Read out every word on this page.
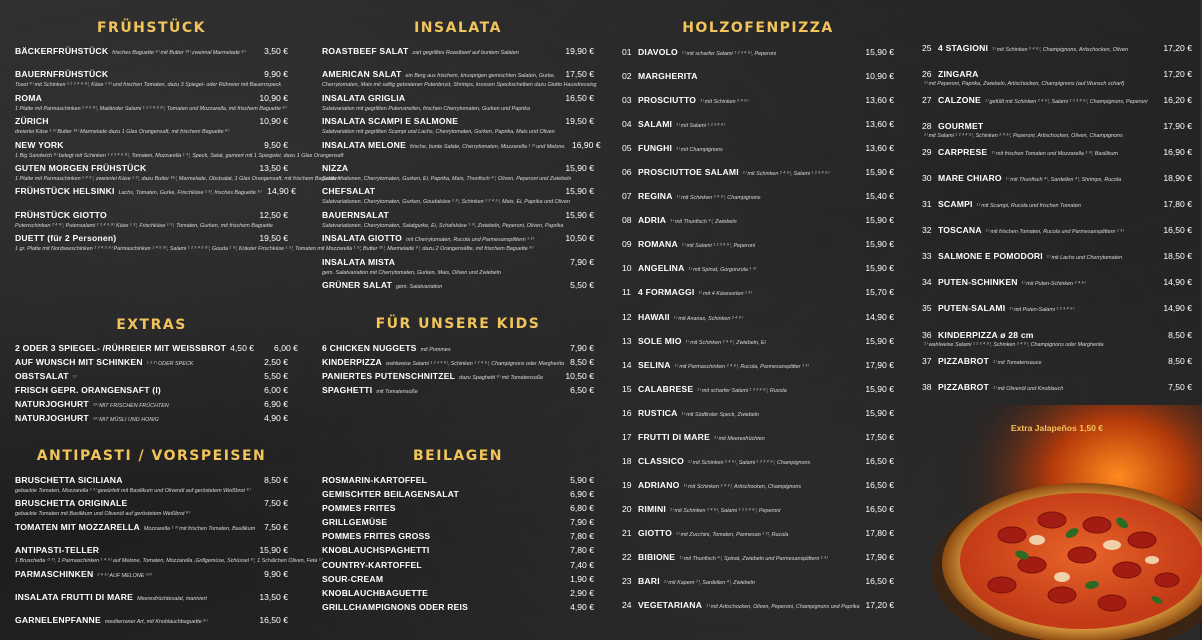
FRÜHSTÜCK
BÄCKERFRÜHSTÜCK frisches Baguette ⁸⁾ mit Butter ¹⁶⁾ zweimal Marmelade ⁸⁾	3,50 €
BAUERNFRÜHSTÜCK	9,90 €
Toast ⁸⁾ mit Schinken ¹ ² ³ ⁴ ⁵ ⁸⁾, Käse ¹ ³⁾ und frischen Tomaten, dazu 3 Spiegel- oder Rühreier mit Bauernspeck
ROMA	10,90 €
1 Platte mit Parmaschinken ¹ ⁴ ⁵ ⁸⁾, Mailänder Salami ¹ ² ³ ⁴ ⁵ ⁸⁾, Tomaten und Mozzarella, mit frischem Baguette ⁸⁾
ZÜRICH	10,90 €
dreierlei Käse ¹ ³⁾ Butter ¹⁶⁾ Marmelade dazu 1 Glas Orangensaft, mit frischem Baguette ⁸⁾
NEW YORK	9,50 €
1 Big Sandwich ⁸⁾ belegt mit Schinken ¹ ² ³ ⁴ ⁵ ⁸⁾, Tomaten, Mozzarella ¹ ³⁾, Speck, Salat, garniert mit 1 Spiegelei, dazu 1 Glas Orangensaft
GUTEN MORGEN FRÜHSTÜCK	13,50 €
1 Platte mit Parmaschinken ¹ ⁴ ⁵⁾, zweierlei Käse ¹ ³⁾, dazu Butter ¹⁶⁾, Marmelade, Obstsalat, 1 Glas Orangensaft, mit frischem Baguette ⁸⁾
FRÜHSTÜCK HELSINKI Lachs, Tomaten, Gurke, Frischkäse ¹ ³⁾, frisches Baguette ⁸⁾ 14,90 €
FRÜHSTÜCK GIOTTO	12,50 €
Putenschinken ² ⁴ ⁸⁾, Putensalami ¹ ² ⁴ ⁵ ⁸⁾ Käse ¹ ³⁾, Frischkäse ¹ ³⁾, Tomaten, Gurken, mit frischem Baguette
DUETT (für 2 Personen)	19,50 €
1 gr. Platte mit Nordseeschinken ¹ ² ⁴ ⁵ ⁸⁾ Parmaschinken ¹ ⁴ ⁵ ⁸⁾, Salami ¹ ² ³ ⁴ ⁵ ⁸⁾, Gouda ¹ ³⁾, Kräuter Frischkäse ¹ ³⁾, Tomaten mit Mozzarella ¹ ³⁾, Butter ¹⁶⁾, Marmelade ⁸⁾, dazu 2 Orangensäfte, mit frischem Baguette ⁸⁾
EXTRAS
2 ODER 3 SPIEGEL- /RÜHREIER MIT WEISSBROT 4,50 € 6,00 €
AUF WUNSCH MIT SCHINKEN ¹ ² ³⁾ ODER SPECK	2,50 €
OBSTSALAT ¹⁾	5,50 €
FRISCH GEPR. ORANGENSAFT (l)	6,00 €
NATURJOGHURT ¹³⁾ MIT FRISCHEN FRÜCHTEN	6,90 €
NATURJOGHURT ¹³⁾ MIT MÜSLI UND HONIG	4,90 €
ANTIPASTI / VORSPEISEN
BRUSCHETTA SICILIANA	8,50 €
gebackte Tomaten, Mozzarella ¹ ³⁾ gewürfelt mit Basilikum und Olivenöl auf geröstetem Weißbrot ⁸⁾
BRUSCHETTA ORIGINALE	7,50 €
gebackte Tomaten mit Basilikum und Olivenöl auf geröstetem Weißbrot ⁸⁾
TOMATEN MIT MOZZARELLA Mozzarella ¹ ³⁾ mit frischen Tomaten, Basilikum	7,50 €
ANTIPASTI-TELLER	15,90 €
1 Bruschetta ⁽¹ ³⁾, 1 Parmaschinken ¹ ⁴ ⁵⁾ auf Melone, Tomaten, Mozzarella ,Grillgemüse, Schüssel ⁸⁾, 1 Schälchen Oliven, Feta ¹⁾
PARMASCHINKEN ² ⁴ ⁵⁾ AUF MELONE ¹⁰⁾	9,90 €
INSALATA FRUTTI DI MARE Meeresfrüchtesalat, mariniert	13,50 €
GARNELENPFANNE mediterraner Art, mit Knoblauchbaguette ⁸⁾	16,50 €
INSALATA
ROASTBEEF SALAT zart gegrilltes Roastbeef auf buntem Salaten	19,90 €
AMERICAN SALAT ein Berg aus frischem, knusprigen gemischten Salaten, Gurke,	17,50 €
Cherrytomaten, Mais mit saftig gebratener Putenbrust, Shrimps, krossen Speckscheiben dazu Giotto Hausdressing
INSALATA GRIGLIA	16,50 €
Salatvariation mit gegrillten Putenstreifen, frischen Cherrytomaten, Gurken und Paprika
INSALATA SCAMPI E SALMONE	19,50 €
Salatvariation mit gegrillten Scampi und Lachs, Cherrytomaten, Gurken, Paprika, Mais und Oliven
INSALATA MELONE frische, bunte Salate, Cherrytomaten, Mozzarella ¹ ³⁾ und Melone. 16,90 €
NIZZA	15,90 €
Salatvariationen, Cherrytomaten, Gurken, Ei, Paprika, Mais, Thunfisch ⁴⁾, Oliven, Peperoni und Zwiebeln
CHEFSALAT	15,90 €
Salatvariationen, Cherrytomaten, Gurken, Goudakäse ¹ ³⁾, Schinken ¹ ² ⁴ ⁵⁾, Mais, Ei, Paprika und Oliven
BAUERNSALAT	15,90 €
Salatvariationen, Cherrytomaten, Salatgurke, Ei, Schafskäse ¹ ³⁾, Zwiebeln, Peperoni, Oliven, Paprika
INSALATA GIOTTO mit Cherrytomaten, Rucola und Parmesansplittern ¹ ³⁾	10,50 €
INSALATA MISTA	7,90 €
gem. Salatvariation mit Cherrytomaten, Gurken, Mais, Oliven und Zwiebeln
GRÜNER SALAT gem. Salatvariation	5,50 €
FÜR UNSERE KIDS
6 CHICKEN NUGGETS mit Pommes	7,90 €
KINDERPIZZA wahlweise Salami ¹ ² ³ ⁴ ⁵⁾, Schinken ¹ ² ⁴ ⁵⁾, Champignons oder Margherita 8,50 €
PANIERTES PUTENSCHNITZEL dazu Spaghetti ⁸⁾ mit Tomatensoße	10,50 €
SPAGHETTI mit Tomatensoße	6,50 €
BEILAGEN
ROSMARIN-KARTOFFEL	5,90 €
GEMISCHTER BEILAGENSALAT	6,90 €
POMMES FRITES	6,80 €
GRILLGEMÜSE	7,90 €
POMMES FRITES GROSS	7,80 €
KNOBLAUCHSPAGHETTI	7,80 €
COUNTRY-KARTOFFEL	7,40 €
SOUR-CREAM	1,90 €
KNOBLAUCHBAGUETTE	2,90 €
GRILLCHAMPIGNONS ODER REIS	4,90 €
HOLZOFENPIZZA
01 DIAVOLO ¹⁾ mit scharfer Salami ¹ ² ³ ⁴ ⁵⁾, Peperoni	15,90 €
02 MARGHERITA	10,90 €
03 PROSCIUTTO ¹⁾ mit Schinken ² ⁴ ⁵⁾	13,60 €
04 SALAMI ¹⁾ mit Salami ¹ ² ³ ⁴ ⁵⁾	13,60 €
05 FUNGHI ¹⁾ mit Champignons	13,60 €
06 PROSCIUTTOE SALAMI ¹⁾ mit Schinken ² ⁴ ⁵⁾, Salami ¹ ² ³ ⁴ ⁵⁾	15,90 €
07 REGINA ¹⁾ mit Schinken ² ⁴ ⁵⁾, Champignons	15,40 €
08 ADRIA ¹⁾ mit Thunfisch ⁴⁾, Zwiebeln	15,90 €
09 ROMANA ¹⁾ mit Salami ¹ ² ³ ⁴ ⁵⁾, Peperoni	15,90 €
10 ANGELINA ¹⁾ mit Spinat, Gorgonzola ¹ ³⁾	15,90 €
11 4 FORMAGGI ¹⁾ mit 4 Käsesorten ¹ ³⁾	15,70 €
12 HAWAII ¹⁾ mit Ananas, Schinken ² ⁴ ⁵⁾	14,90 €
13 SOLE MIO ¹⁾ mit Schinken ² ⁴ ⁵⁾, Zwiebeln, Ei	15,90 €
14 SELINA ¹⁾ mit Parmaschinken ² ⁴ ⁵⁾, Rucola, Parmesansplitter ¹ ³⁾	17,90 €
15 CALABRESE ¹⁾ mit scharfer Salami ¹ ² ³ ⁴ ⁵⁾, Rucola	15,90 €
16 RUSTICA ¹⁾ mit Südtiroler Speck, Zwiebeln	15,90 €
17 FRUTTI DI MARE ¹⁾ mit Meeresfrüchten	17,50 €
18 CLASSICO ¹⁾ mit Schinken ² ⁴ ⁵⁾, Salami ¹ ² ³ ⁴ ⁵⁾, Champignons	16,50 €
19 ADRIANO ¹⁾ mit Schinken ² ⁴ ⁵⁾, Artischocken, Champignons	16,50 €
20 RIMINI ¹⁾ mit Schinken ² ⁴ ⁵⁾, Salami ¹ ² ³ ⁴ ⁵⁾, Peperoni	16,50 €
21 GIOTTO ¹⁾ mit Zucchini, Tomaten, Parmesan ¹ ³⁾, Rucola	17,80 €
22 BIBIONE ¹⁾ mit Thunfisch ⁴⁾, Spinat, Zwiebeln und Parmesansplittern ¹ ³⁾	17,90 €
23 BARI ¹⁾ mit Kapern ⁷⁾, Sardellen ⁴⁾, Zwiebeln	16,50 €
24 VEGETARIANA ¹⁾ mit Artischocken, Oliven, Peperoni, Champignons und Paprika 17,20 €
25 4 STAGIONI ¹⁾ mit Schinken ² ⁴ ⁵⁾, Champignons, Artischocken, Oliven	17,20 €
26 ZINGARA	17,20 €
¹⁾ mit Peperoni, Paprika, Zwiebeln, Artischocken, Champignons (auf Wunsch scharf)
27 CALZONE ¹⁾ gefüllt mit Schinken ² ⁴ ⁵⁾, Salami ¹ ² ³ ⁴ ⁵⁾, Champignons, Peperoni	16,20 €
28 GOURMET	17,90 €
¹⁾ mit Salami ¹ ² ³ ⁴ ⁵⁾, Schinken ² ⁴ ⁵⁾, Peperoni, Artischocken, Oliven, Champignons
29 CARPRESE ¹⁾ mit frischen Tomaten und Mozzarella ¹ ³⁾, Basilikum	16,90 €
30 MARE CHIARO ¹⁾ mit Thunfisch ⁴⁾, Sardellen ⁴⁾, Shrimps, Rucola	18,90 €
31 SCAMPI ¹⁾ mit Scampi, Rucola und frischen Tomaten	17,80 €
32 TOSCANA ¹⁾ mit frischen Tomaten, Rucola und Parmesansplittern ¹ ³⁾	16,50 €
33 SALMONE E POMODORI ¹⁾ mit Lachs und Cherrytomaten	18,50 €
34 PUTEN-SCHINKEN ¹⁾ mit Puten-Schinken ² ⁴ ⁵⁾	14,90 €
35 PUTEN-SALAMI ¹⁾ mit Puten-Salami ¹ ² ³ ⁴ ⁵⁾	14,90 €
36 KINDERPIZZA ø 28 cm	8,50 €
¹⁾ wahlweise Salami ¹ ² ³ ⁴ ⁵⁾, Schinken ² ⁴ ⁵⁾, Champignons oder Margherita
37 PIZZABROT ¹⁾ mit Tomatensauce	8,50 €
38 PIZZABROT ¹⁾ mit Olivenöl und Knoblauch	7,50 €
Extra Jalapeños 1,50 €
